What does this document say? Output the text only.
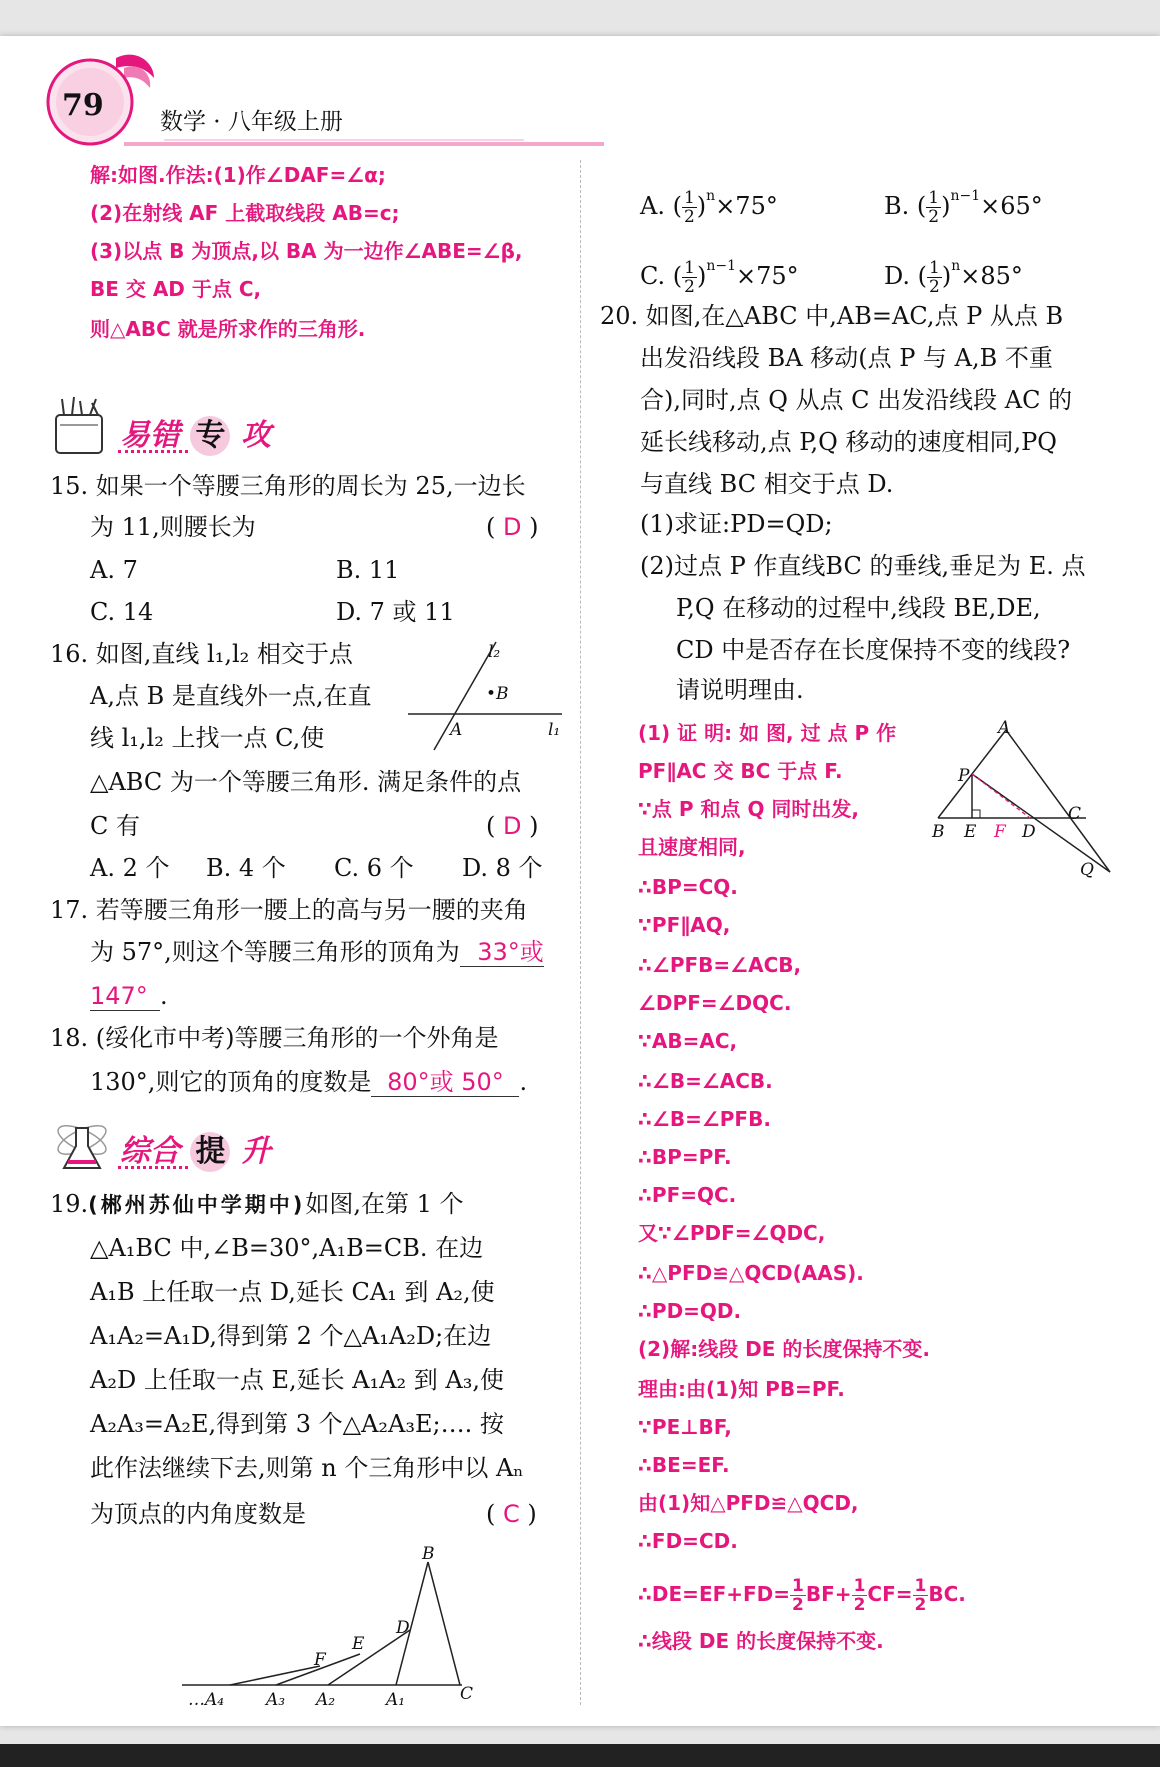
79 数学 · 八年级上册
解:如图.作法:(1)作∠DAF=∠α;
(2)在射线 AF 上截取线段 AB=c;
(3)以点 B 为顶点,以 BA 为一边作∠ABE=∠β,
BE 交 AD 于点 C,
则△ABC 就是所求作的三角形.
易错 专 攻
15. 如果一个等腰三角形的周长为 25,一边长
为 11,则腰长为	( D )
A. 7	B. 11
C. 14	D. 7 或 11
16. 如图,直线 l₁,l₂ 相交于点
A,点 B 是直线外一点,在直
线 l₁,l₂ 上找一点 C,使
△ABC 为一个等腰三角形. 满足条件的点
C 有	( D )
A. 2 个 B. 4 个 C. 6 个 D. 8 个
l₂
•B
A	l₁
17. 若等腰三角形一腰上的高与另一腰的夹角
为 57°,则这个等腰三角形的顶角为 33°或
147° .
18. (绥化市中考)等腰三角形的一个外角是
130°,则它的顶角的度数是 80°或 50° .
综合 提 升
19.(郴州苏仙中学期中)如图,在第 1 个
△A₁BC 中,∠B=30°,A₁B=CB. 在边
A₁B 上任取一点 D,延长 CA₁ 到 A₂,使
A₁A₂=A₁D,得到第 2 个△A₁A₂D;在边
A₂D 上任取一点 E,延长 A₁A₂ 到 A₃,使
A₂A₃=A₂E,得到第 3 个△A₂A₃E;…. 按
此作法继续下去,则第 n 个三角形中以 Aₙ
为顶点的内角度数是	( C )
B
D
E
F
C
…A₄ A₃ A₂	A₁
A. ( $\frac{1}{2} )^n\times 75^\circ$	B. ( $\frac{1}{2} )^{n-1}\times 65^\circ$
C. ( $\frac{1}{2} )^{n-1}\times 75^\circ$	D. ( $\frac{1}{2} )^n\times 85^\circ$
20. 如图,在△ABC 中,AB=AC,点 P 从点 B
出发沿线段 BA 移动(点 P 与 A,B 不重
合),同时,点 Q 从点 C 出发沿线段 AC 的
延长线移动,点 P,Q 移动的速度相同,PQ
与直线 BC 相交于点 D.
(1)求证:PD=QD;
(2)过点 P 作直线BC 的垂线,垂足为 E. 点
P,Q 在移动的过程中,线段 BE,DE,
CD 中是否存在长度保持不变的线段?
请说明理由.
A
P
C
B E F D
Q
(1) 证 明: 如 图, 过 点 P 作
PF∥AC 交 BC 于点 F.
∵点 P 和点 Q 同时出发,
且速度相同,
∴BP=CQ.
∵PF∥AQ,
∴∠PFB=∠ACB,
∠DPF=∠DQC.
∵AB=AC,
∴∠B=∠ACB.
∴∠B=∠PFB.
∴BP=PF.
∴PF=QC.
又∵∠PDF=∠QDC,
∴△PFD≌△QCD(AAS).
∴PD=QD.
(2)解:线段 DE 的长度保持不变.
理由:由(1)知 PB=PF.
∵PE⊥BF,
∴BE=EF.
由(1)知△PFD≌△QCD,
∴FD=CD.
∴DE=EF+FD= $\frac{1}{2} BF+ \frac{1}{2} CF= \frac{1}{2}$ BC.
∴线段 DE 的长度保持不变.
